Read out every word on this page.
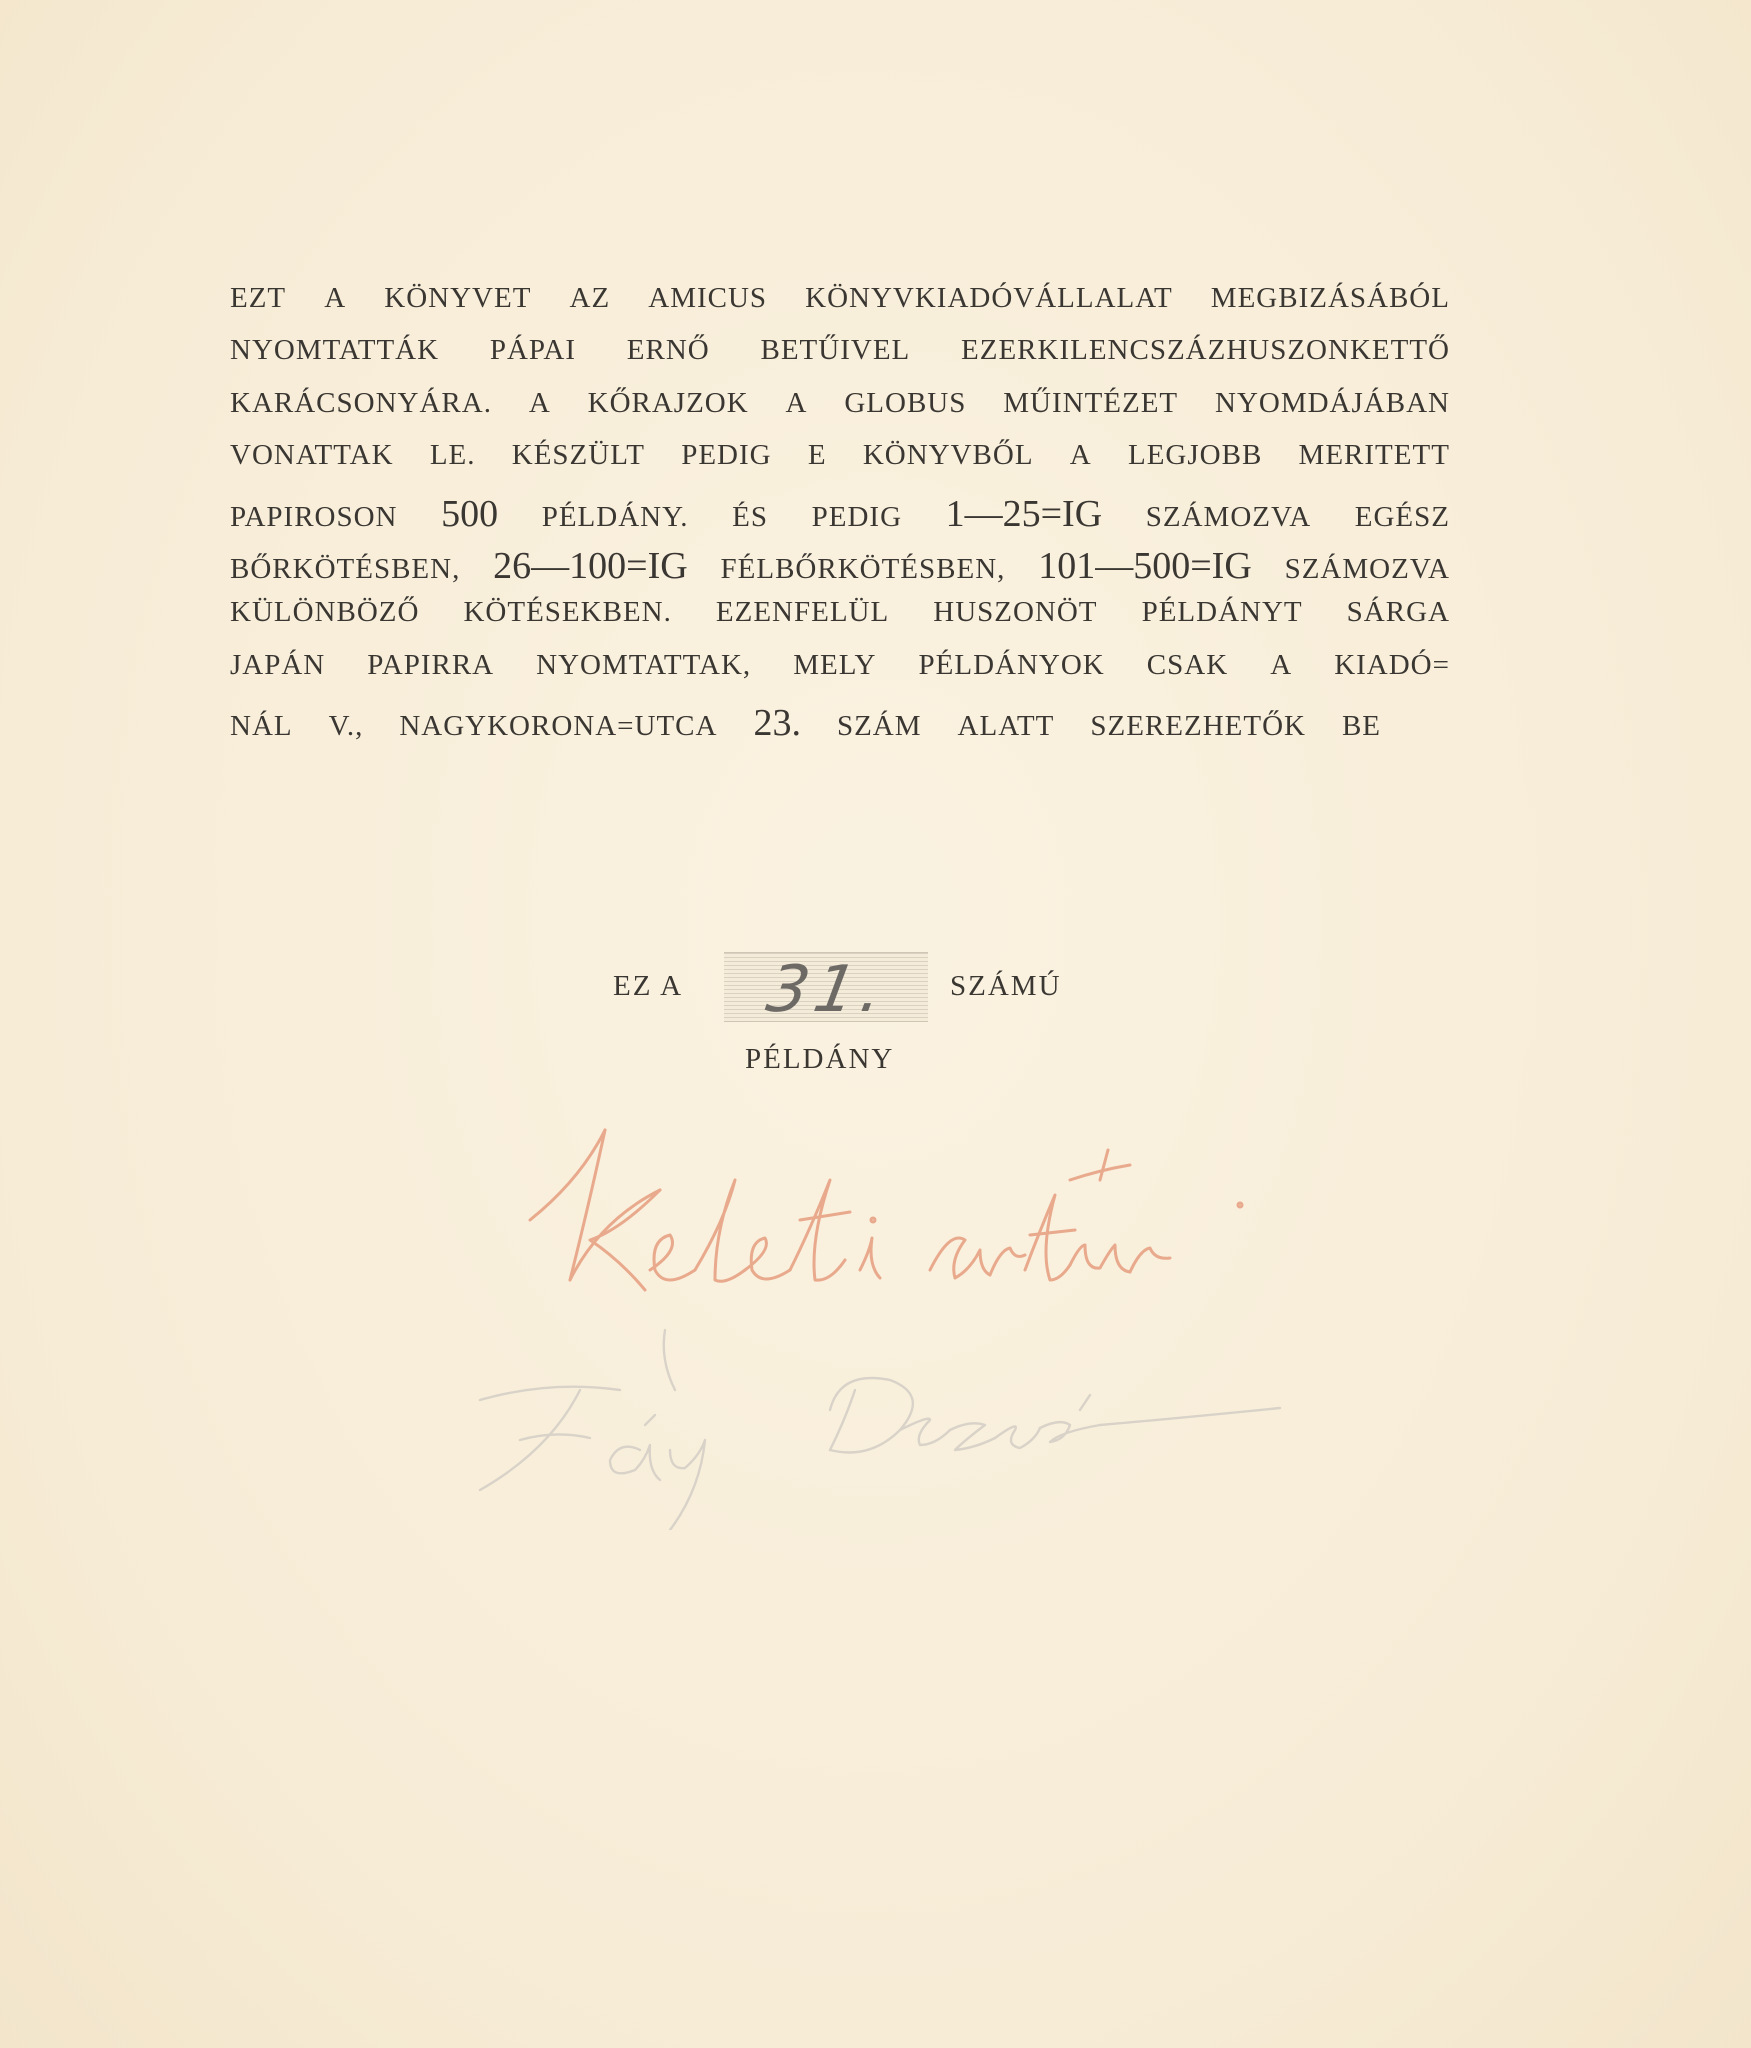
EZT A KÖNYVET AZ AMICUS KÖNYVKIADÓVÁLLALAT MEGBIZÁSÁBÓL
NYOMTATTÁK PÁPAI ERNŐ BETŰIVEL EZERKILENCSZÁZHUSZONKETTŐ
KARÁCSONYÁRA. A KŐRAJZOK A GLOBUS MŰINTÉZET NYOMDÁJÁBAN
VONATTAK LE. KÉSZÜLT PEDIG E KÖNYVBŐL A LEGJOBB MERITETT
PAPIROSON 500 PÉLDÁNY. ÉS PEDIG 1—25=IG SZÁMOZVA EGÉSZ
BŐRKÖTÉSBEN, 26—100=IG FÉLBŐRKÖTÉSBEN, 101—500=IG SZÁMOZVA
KÜLÖNBÖZŐ KÖTÉSEKBEN. EZENFELÜL HUSZONÖT PÉLDÁNYT SÁRGA
JAPÁN PAPIRRA NYOMTATTAK, MELY PÉLDÁNYOK CSAK A KIADÓ=
NÁL V., NAGYKORONA=UTCA 23. SZÁM ALATT SZEREZHETŐK BE
EZ A 31. SZÁMÚ
PÉLDÁNY
